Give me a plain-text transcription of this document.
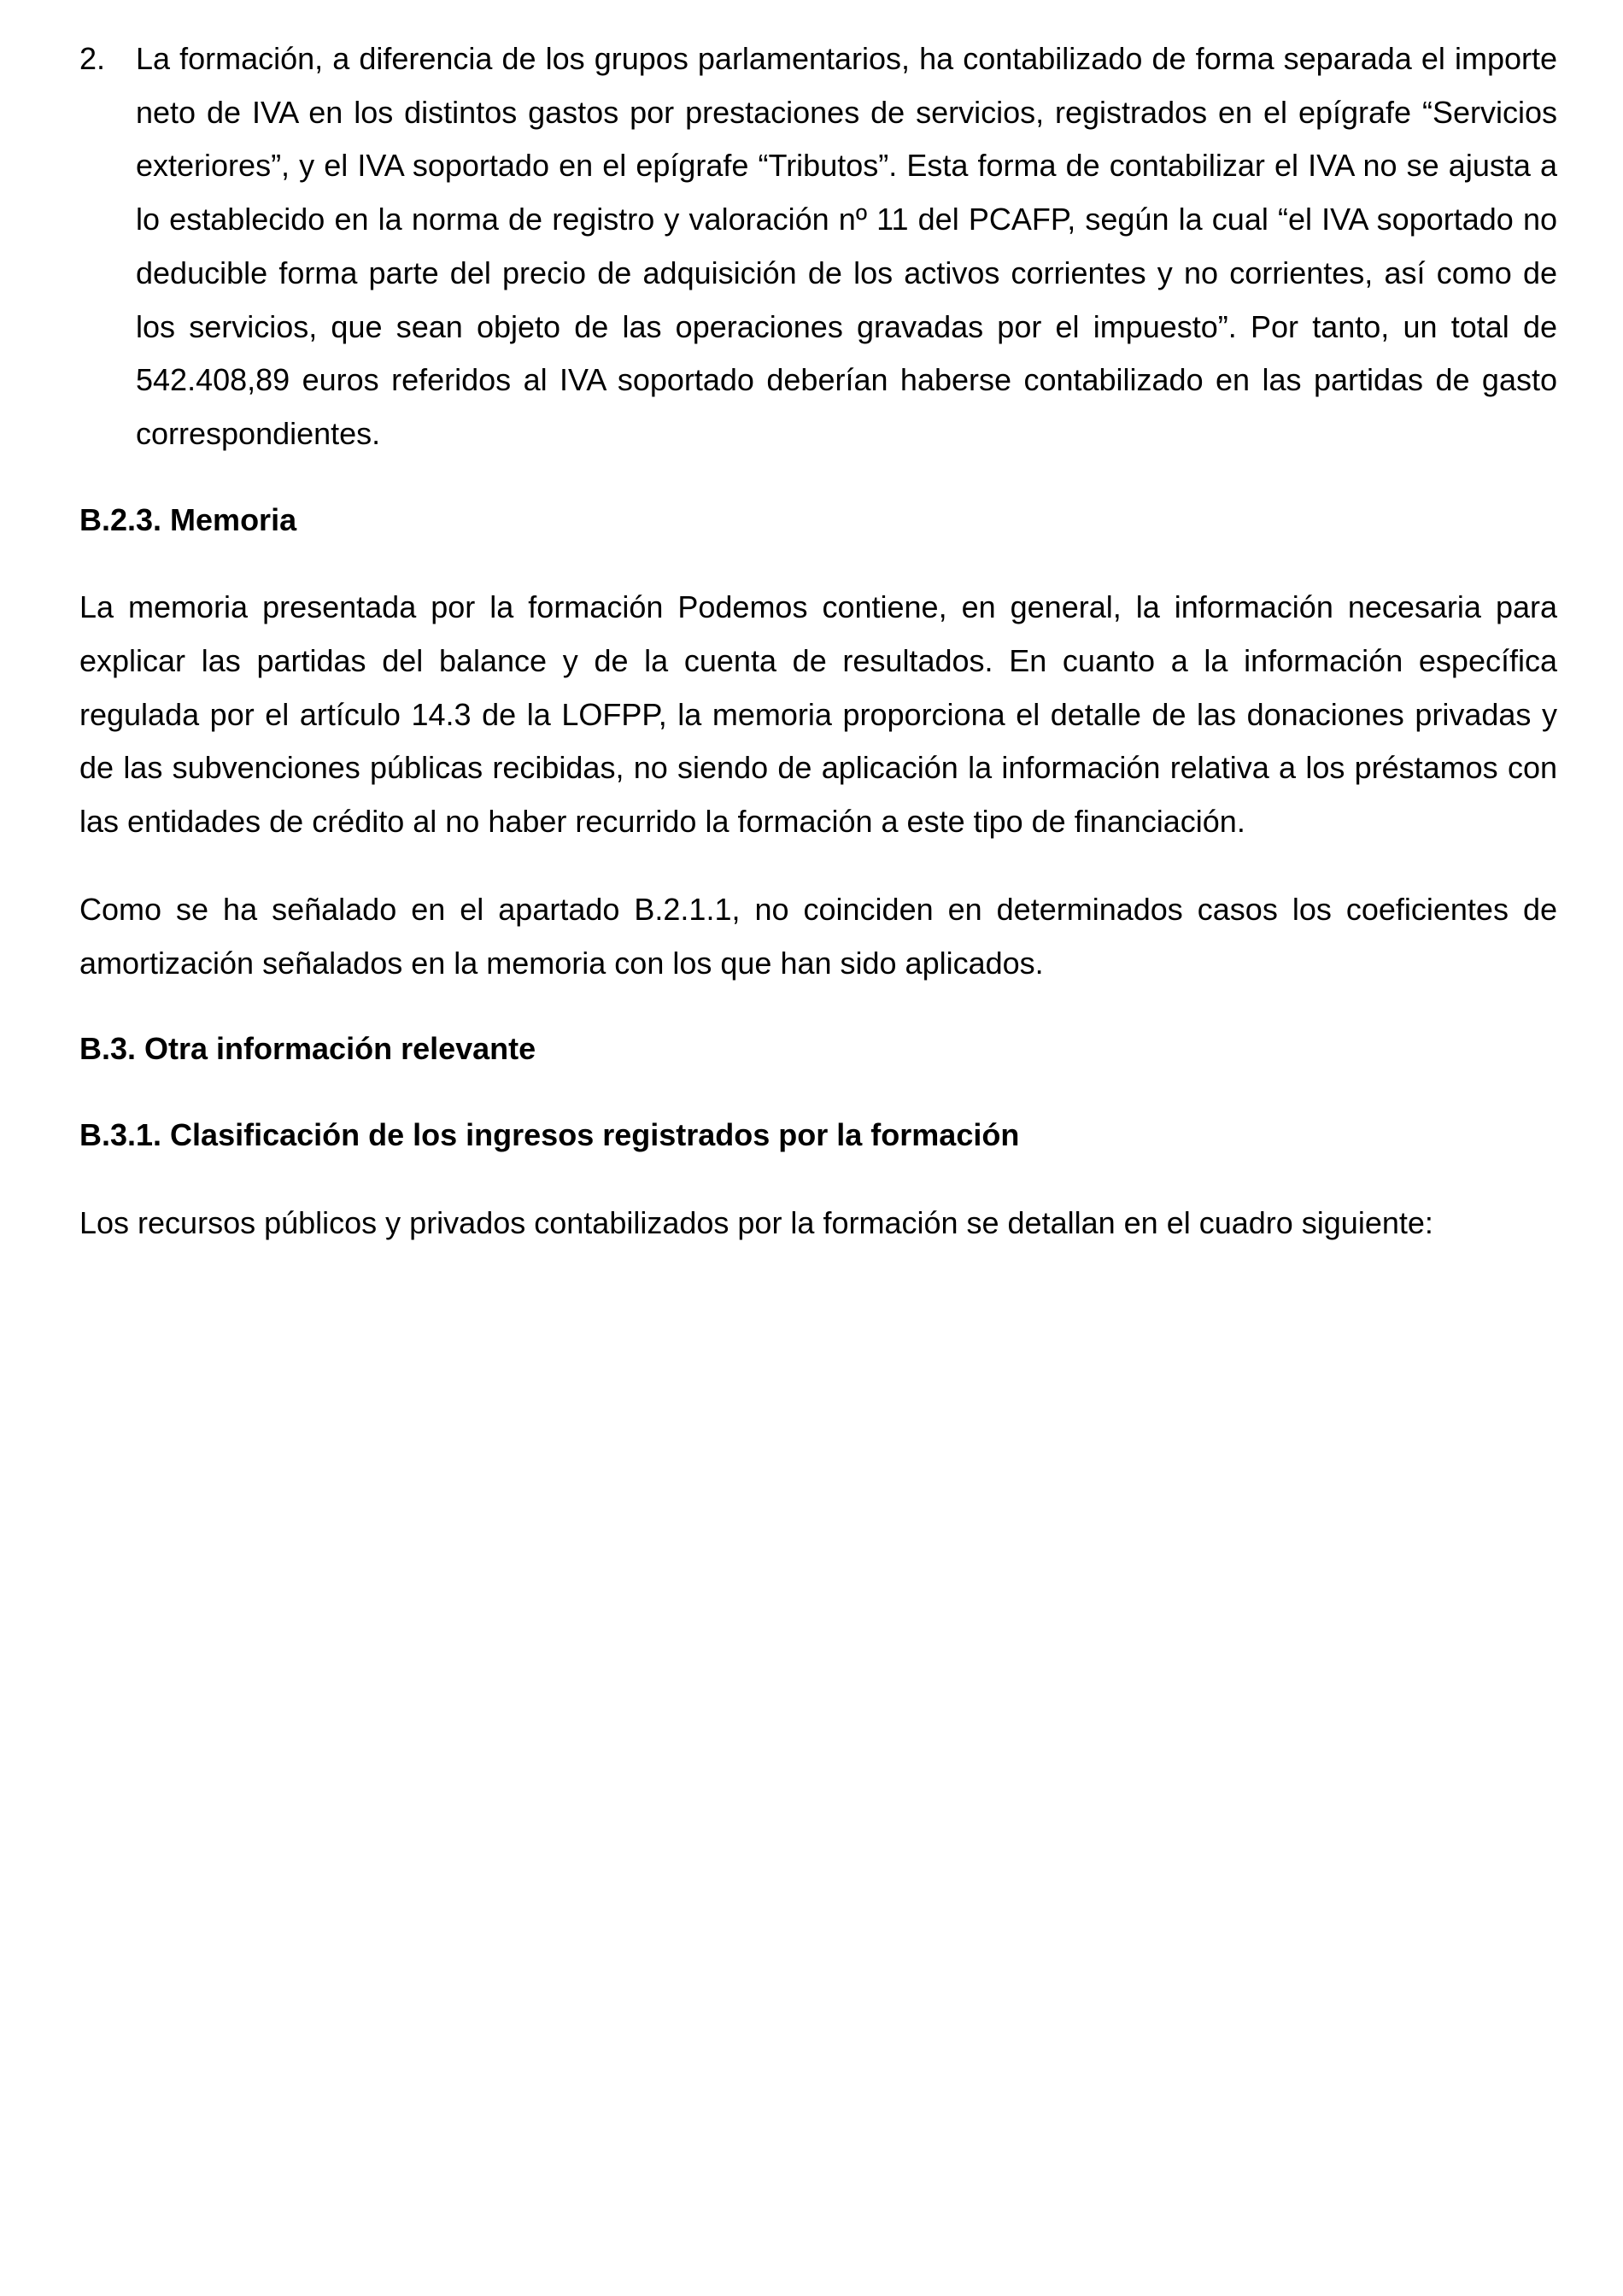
2. La formación, a diferencia de los grupos parlamentarios, ha contabilizado de forma separada el importe neto de IVA en los distintos gastos por prestaciones de servicios, registrados en el epígrafe “Servicios exteriores”, y el IVA soportado en el epígrafe “Tributos”. Esta forma de contabilizar el IVA no se ajusta a lo establecido en la norma de registro y valoración nº 11 del PCAFP, según la cual “el IVA soportado no deducible forma parte del precio de adquisición de los activos corrientes y no corrientes, así como de los servicios, que sean objeto de las operaciones gravadas por el impuesto”. Por tanto, un total de 542.408,89 euros referidos al IVA soportado deberían haberse contabilizado en las partidas de gasto correspondientes.

B.2.3. Memoria

La memoria presentada por la formación Podemos contiene, en general, la información necesaria para explicar las partidas del balance y de la cuenta de resultados. En cuanto a la información específica regulada por el artículo 14.3 de la LOFPP, la memoria proporciona el detalle de las donaciones privadas y de las subvenciones públicas recibidas, no siendo de aplicación la información relativa a los préstamos con las entidades de crédito al no haber recurrido la formación a este tipo de financiación.

Como se ha señalado en el apartado B.2.1.1, no coinciden en determinados casos los coeficientes de amortización señalados en la memoria con los que han sido aplicados.

B.3. Otra información relevante
B.3.1. Clasificación de los ingresos registrados por la formación

Los recursos públicos y privados contabilizados por la formación se detallan en el cuadro siguiente:
